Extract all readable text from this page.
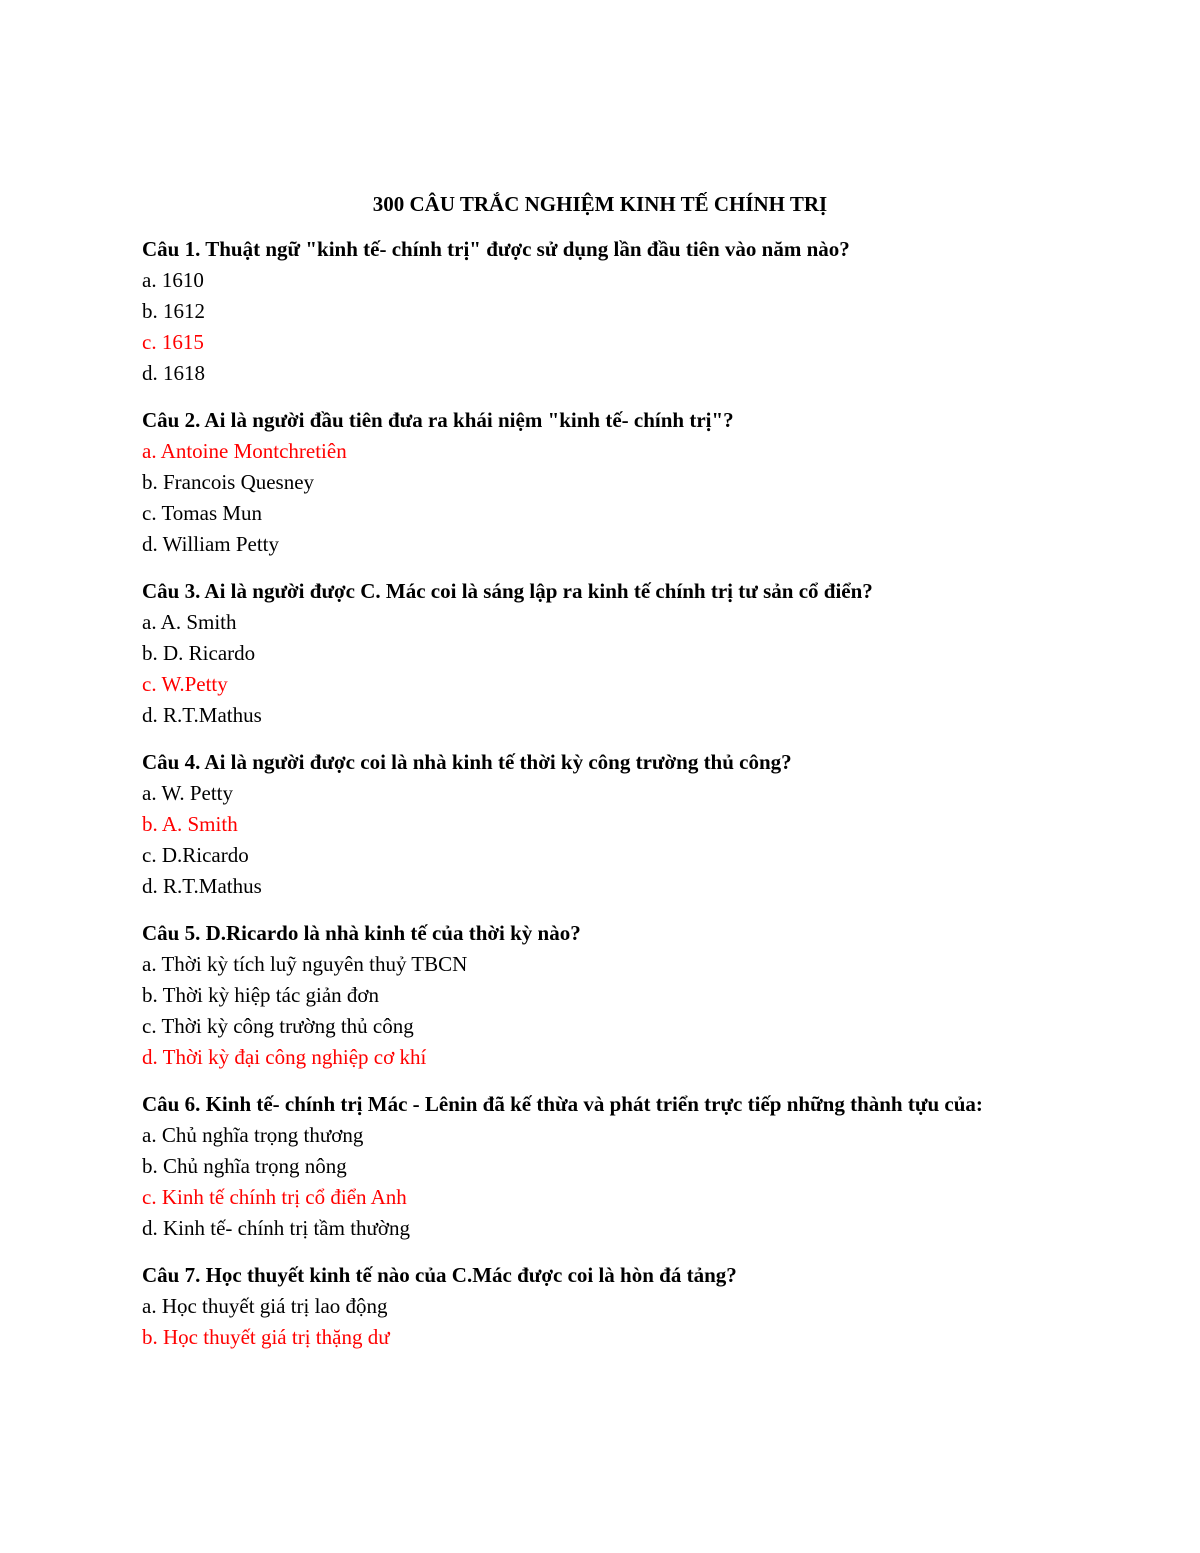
300 CÂU TRẮC NGHIỆM KINH TẾ CHÍNH TRỊ
Câu 1. Thuật ngữ "kinh tế- chính trị" được sử dụng lần đầu tiên vào năm nào?
a. 1610
b. 1612
c. 1615
d. 1618
Câu 2. Ai là người đầu tiên đưa ra khái niệm "kinh tế- chính trị"?
a. Antoine Montchretiên
b. Francois Quesney
c. Tomas Mun
d. William Petty
Câu 3. Ai là người được C. Mác coi là sáng lập ra kinh tế chính trị tư sản cổ điển?
a. A. Smith
b. D. Ricardo
c. W.Petty
d. R.T.Mathus
Câu 4. Ai là người được coi là nhà kinh tế thời kỳ công trường thủ công?
a. W. Petty
b. A. Smith
c. D.Ricardo
d. R.T.Mathus
Câu 5. D.Ricardo là nhà kinh tế của thời kỳ nào?
a. Thời kỳ tích luỹ nguyên thuỷ TBCN
b. Thời kỳ hiệp tác giản đơn
c. Thời kỳ công trường thủ công
d. Thời kỳ đại công nghiệp cơ khí
Câu 6. Kinh tế- chính trị Mác - Lênin đã kế thừa và phát triển trực tiếp những thành tựu của:
a. Chủ nghĩa trọng thương
b. Chủ nghĩa trọng nông
c. Kinh tế chính trị cổ điển Anh
d. Kinh tế- chính trị tầm thường
Câu 7. Học thuyết kinh tế nào của C.Mác được coi là hòn đá tảng?
a. Học thuyết giá trị lao động
b. Học thuyết giá trị thặng dư
